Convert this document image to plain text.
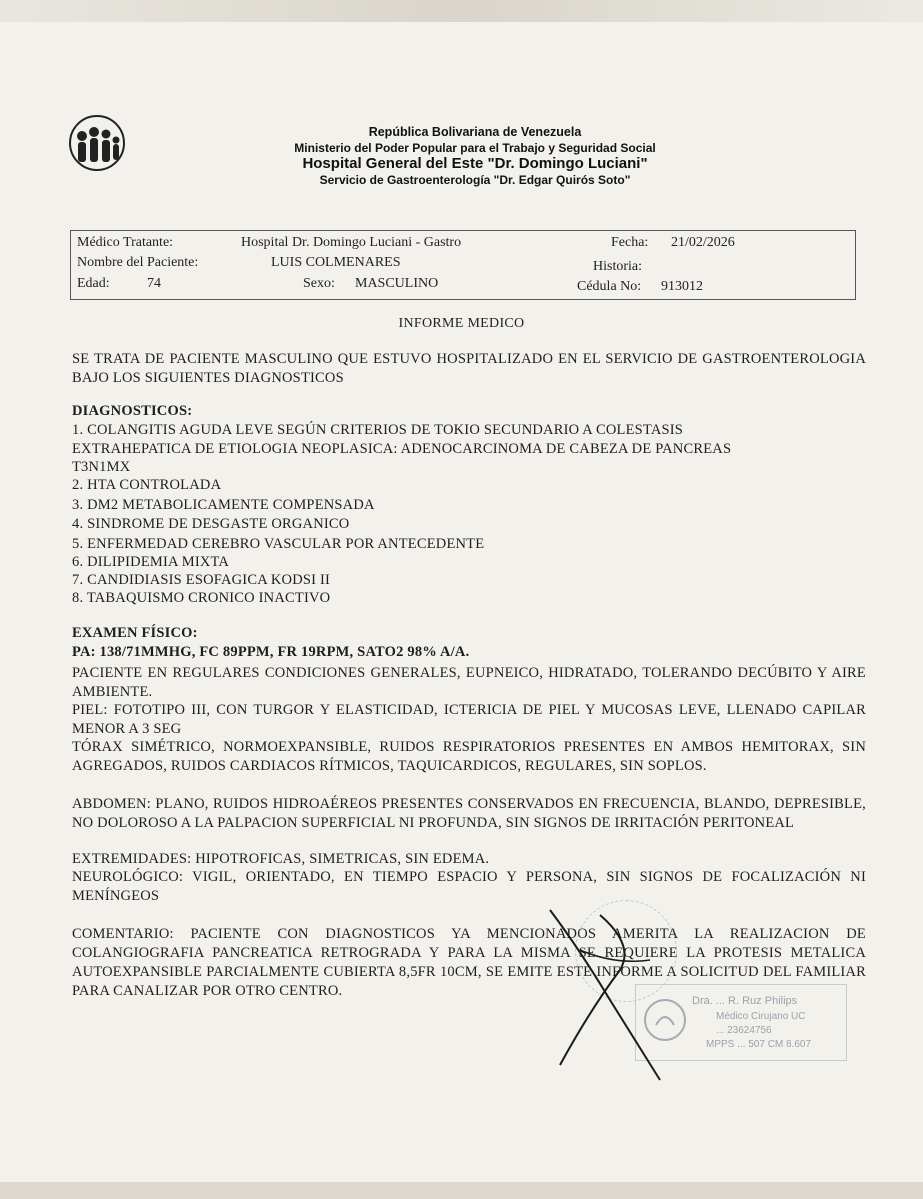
República Bolivariana de Venezuela
Ministerio del Poder Popular para el Trabajo y Seguridad Social
Hospital General del Este "Dr. Domingo Luciani"
Servicio de Gastroenterología "Dr. Edgar Quirós Soto"
Médico Tratante:	Hospital Dr. Domingo Luciani - Gastro	Fecha: 21/02/2026
Nombre del Paciente:	LUIS COLMENARES	Historia:
Edad:	74	Sexo: MASCULINO	Cédula No: 913012
INFORME MEDICO
SE TRATA DE PACIENTE MASCULINO QUE ESTUVO HOSPITALIZADO EN EL SERVICIO DE GASTROENTEROLOGIA BAJO LOS SIGUIENTES DIAGNOSTICOS
DIAGNOSTICOS:
1. COLANGITIS AGUDA LEVE SEGÚN CRITERIOS DE TOKIO SECUNDARIO A COLESTASIS
EXTRAHEPATICA DE ETIOLOGIA NEOPLASICA: ADENOCARCINOMA DE CABEZA DE PANCREAS
T3N1MX
2. HTA CONTROLADA
3. DM2 METABOLICAMENTE COMPENSADA
4. SINDROME DE DESGASTE ORGANICO
5. ENFERMEDAD CEREBRO VASCULAR POR ANTECEDENTE
6. DILIPIDEMIA MIXTA
7. CANDIDIASIS ESOFAGICA KODSI II
8. TABAQUISMO CRONICO INACTIVO
EXAMEN FÍSICO:
PA: 138/71MMHG, FC 89PPM, FR 19RPM, SATO2 98% A/A.
PACIENTE EN REGULARES CONDICIONES GENERALES, EUPNEICO, HIDRATADO, TOLERANDO DECÚBITO Y AIRE AMBIENTE.
PIEL: FOTOTIPO III, CON TURGOR Y ELASTICIDAD, ICTERICIA DE PIEL Y MUCOSAS LEVE, LLENADO CAPILAR MENOR A 3 SEG
TÓRAX SIMÉTRICO, NORMOEXPANSIBLE, RUIDOS RESPIRATORIOS PRESENTES EN AMBOS HEMITORAX, SIN AGREGADOS, RUIDOS CARDIACOS RÍTMICOS, TAQUICARDICOS, REGULARES, SIN SOPLOS.
ABDOMEN: PLANO, RUIDOS HIDROAÉREOS PRESENTES CONSERVADOS EN FRECUENCIA, BLANDO, DEPRESIBLE, NO DOLOROSO A LA PALPACION SUPERFICIAL NI PROFUNDA, SIN SIGNOS DE IRRITACIÓN PERITONEAL
EXTREMIDADES: HIPOTROFICAS, SIMETRICAS, SIN EDEMA.
NEUROLÓGICO: VIGIL, ORIENTADO, EN TIEMPO ESPACIO Y PERSONA, SIN SIGNOS DE FOCALIZACIÓN NI MENÍNGEOS
COMENTARIO: PACIENTE CON DIAGNOSTICOS YA MENCIONADOS AMERITA LA REALIZACION DE COLANGIOGRAFIA PANCREATICA RETROGRADA Y PARA LA MISMA SE REQUIERE LA PROTESIS METALICA AUTOEXPANSIBLE PARCIALMENTE CUBIERTA 8,5FR 10CM, SE EMITE ESTE INFORME A SOLICITUD DEL FAMILIAR PARA CANALIZAR POR OTRO CENTRO.
Dra. ... R. Ruz Philips
Médico Cirujano UC
... 23624756
MPPS ... 507 CM 8.607
